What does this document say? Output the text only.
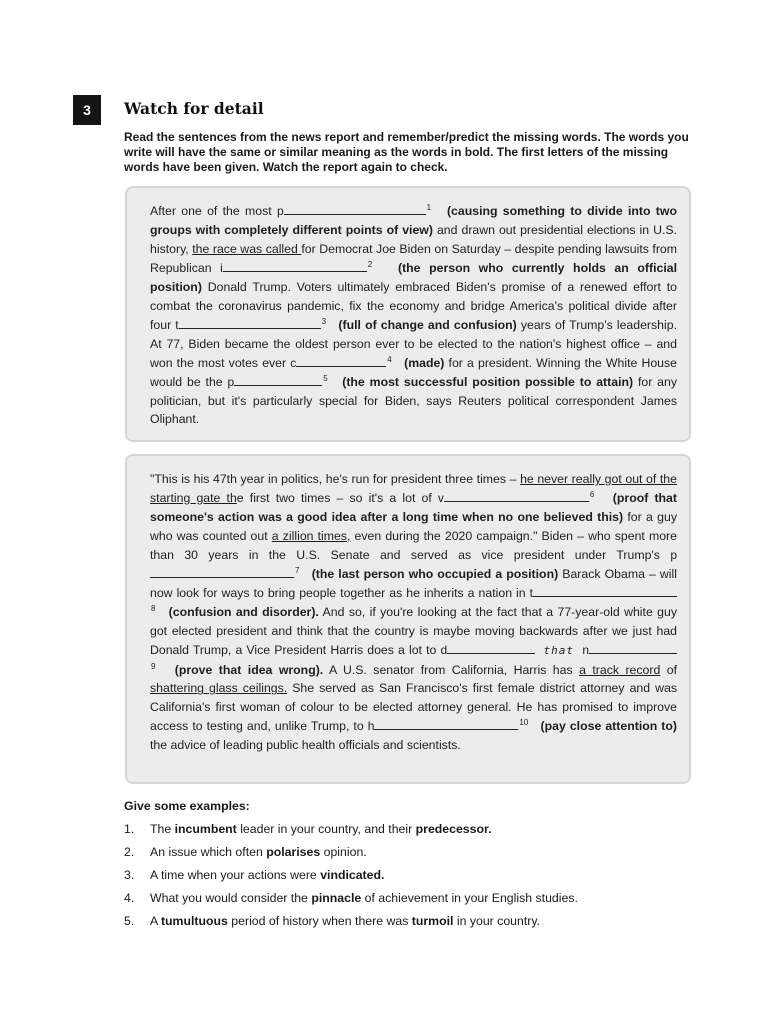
3	Watch for detail
Read the sentences from the news report and remember/predict the missing words. The words you write will have the same or similar meaning as the words in bold. The first letters of the missing words have been given. Watch the report again to check.

After one of the most p	$^1$ (causing something to divide into two groups with completely different points of view) and drawn out presidential elections in U.S. history, the race was called for Democrat Joe Biden on Saturday – despite pending lawsuits from Republican i	$^2$ (the person who currently holds an official position) Donald Trump. Voters ultimately embraced Biden's promise of a renewed effort to combat the coronavirus pandemic, fix the economy and bridge America's political divide after four t	$^3$ (full of change and confusion) years of Trump's leadership. At 77, Biden became the oldest person ever to be elected to the nation's highest office – and won the most votes ever c	$^4$ (made) for a president. Winning the White House would be the p	$^5$ (the most successful position possible to attain) for any politician, but it's particularly special for Biden, says Reuters political correspondent James Oliphant.

"This is his 47th year in politics, he's run for president three times – he never really got out of the starting gate the first two times – so it's a lot of v	$^6$ (proof that someone's action was a good idea after a long time when no one believed this) for a guy who was counted out a zillion times, even during the 2020 campaign." Biden – who spent more than 30 years in the U.S. Senate and served as vice president under Trump's $p^7$ (the last person who occupied a position) Barack Obama – will now look for ways to bring people together as he inherits a nation in $t^8$ (confusion and disorder). And so, if you're looking at the fact that a 77-year-old white guy got elected president and think that the country is maybe moving backwards after we just had Donald Trump, a Vice President Harris does a lot to d	that $n^9$ (prove that idea wrong). A U.S. senator from California, Harris has a track record of shattering glass ceilings. She served as San Francisco's first female district attorney and was California's first woman of colour to be elected attorney general. He has promised to improve access to testing and, unlike Trump, to h	$^{10}$ (pay close attention to) the advice of leading public health officials and scientists.

Give some examples:
1.	The incumbent leader in your country, and their predecessor.
2.	An issue which often polarises opinion.
3.	A time when your actions were vindicated.
4.	What you would consider the pinnacle of achievement in your English studies.
5.	A tumultuous period of history when there was turmoil in your country.
